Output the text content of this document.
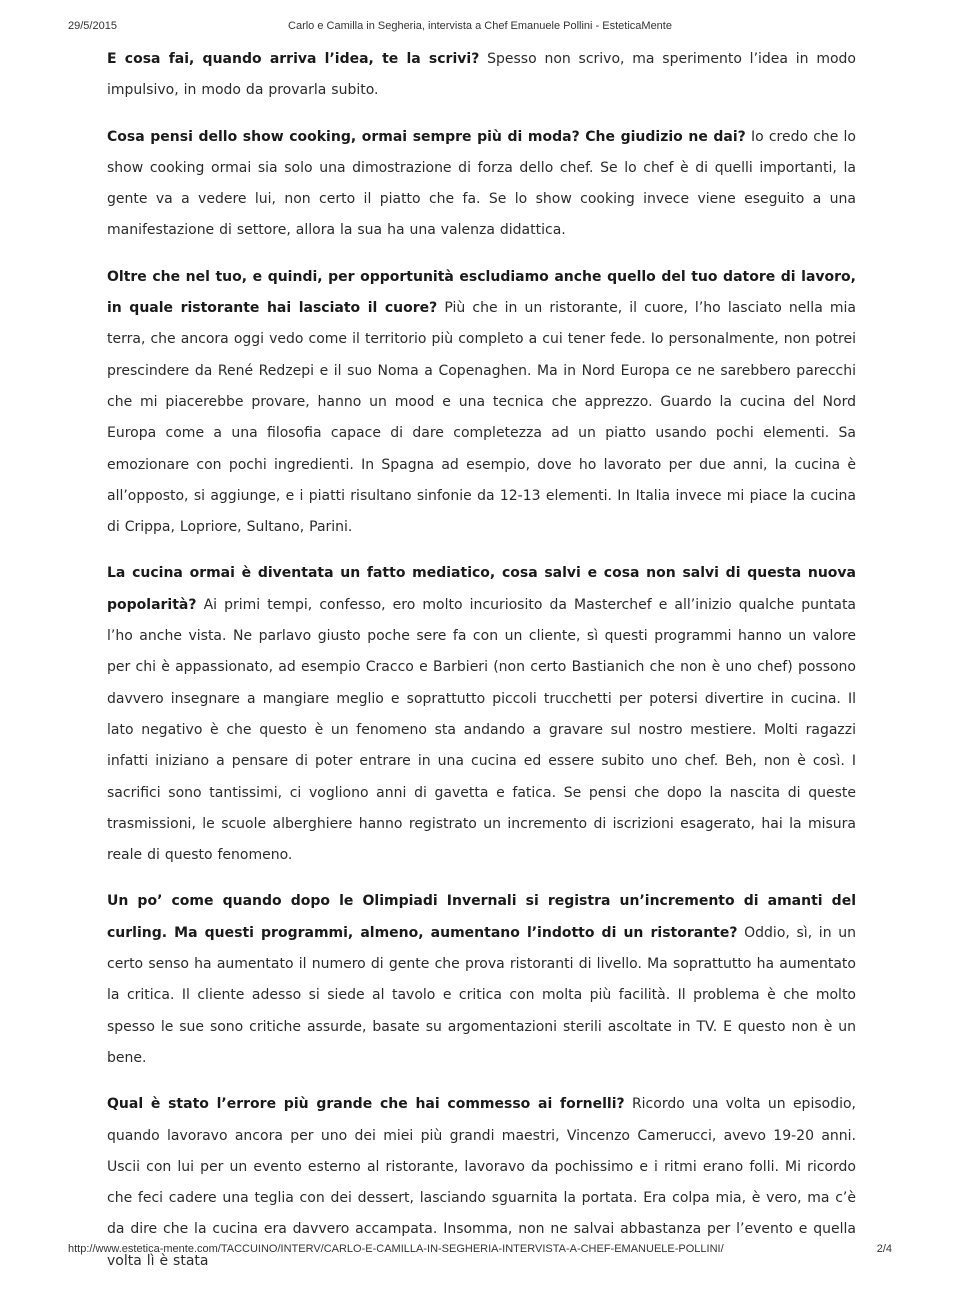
29/5/2015	Carlo e Camilla in Segheria, intervista a Chef Emanuele Pollini - EsteticaMente

E cosa fai, quando arriva l’idea, te la scrivi? Spesso non scrivo, ma sperimento l’idea in modo impulsivo, in modo da provarla subito.

Cosa pensi dello show cooking, ormai sempre più di moda? Che giudizio ne dai? Io credo che lo show cooking ormai sia solo una dimostrazione di forza dello chef. Se lo chef è di quelli importanti, la gente va a vedere lui, non certo il piatto che fa. Se lo show cooking invece viene eseguito a una manifestazione di settore, allora la sua ha una valenza didattica.

Oltre che nel tuo, e quindi, per opportunità escludiamo anche quello del tuo datore di lavoro, in quale ristorante hai lasciato il cuore? Più che in un ristorante, il cuore, l’ho lasciato nella mia terra, che ancora oggi vedo come il territorio più completo a cui tener fede. Io personalmente, non potrei prescindere da René Redzepi e il suo Noma a Copenaghen. Ma in Nord Europa ce ne sarebbero parecchi che mi piacerebbe provare, hanno un mood e una tecnica che apprezzo. Guardo la cucina del Nord Europa come a una filosofia capace di dare completezza ad un piatto usando pochi elementi. Sa emozionare con pochi ingredienti. In Spagna ad esempio, dove ho lavorato per due anni, la cucina è all’opposto, si aggiunge, e i piatti risultano sinfonie da 12-13 elementi. In Italia invece mi piace la cucina di Crippa, Lopriore, Sultano, Parini.

La cucina ormai è diventata un fatto mediatico, cosa salvi e cosa non salvi di questa nuova popolarità? Ai primi tempi, confesso, ero molto incuriosito da Masterchef e all’inizio qualche puntata l’ho anche vista. Ne parlavo giusto poche sere fa con un cliente, sì questi programmi hanno un valore per chi è appassionato, ad esempio Cracco e Barbieri (non certo Bastianich che non è uno chef) possono davvero insegnare a mangiare meglio e soprattutto piccoli trucchetti per potersi divertire in cucina. Il lato negativo è che questo è un fenomeno sta andando a gravare sul nostro mestiere. Molti ragazzi infatti iniziano a pensare di poter entrare in una cucina ed essere subito uno chef. Beh, non è così. I sacrifici sono tantissimi, ci vogliono anni di gavetta e fatica. Se pensi che dopo la nascita di queste trasmissioni, le scuole alberghiere hanno registrato un incremento di iscrizioni esagerato, hai la misura reale di questo fenomeno.

Un po’ come quando dopo le Olimpiadi Invernali si registra un’incremento di amanti del curling. Ma questi programmi, almeno, aumentano l’indotto di un ristorante? Oddio, sì, in un certo senso ha aumentato il numero di gente che prova ristoranti di livello. Ma soprattutto ha aumentato la critica. Il cliente adesso si siede al tavolo e critica con molta più facilità. Il problema è che molto spesso le sue sono critiche assurde, basate su argomentazioni sterili ascoltate in TV. E questo non è un bene.

Qual è stato l’errore più grande che hai commesso ai fornelli? Ricordo una volta un episodio, quando lavoravo ancora per uno dei miei più grandi maestri, Vincenzo Camerucci, avevo 19-20 anni. Uscii con lui per un evento esterno al ristorante, lavoravo da pochissimo e i ritmi erano folli. Mi ricordo che feci cadere una teglia con dei dessert, lasciando sguarnita la portata. Era colpa mia, è vero, ma c’è da dire che la cucina era davvero accampata. Insomma, non ne salvai abbastanza per l’evento e quella volta lì è stata

http://www.estetica-mente.com/TACCUINO/INTERV/CARLO-E-CAMILLA-IN-SEGHERIA-INTERVISTA-A-CHEF-EMANUELE-POLLINI/	2/4
